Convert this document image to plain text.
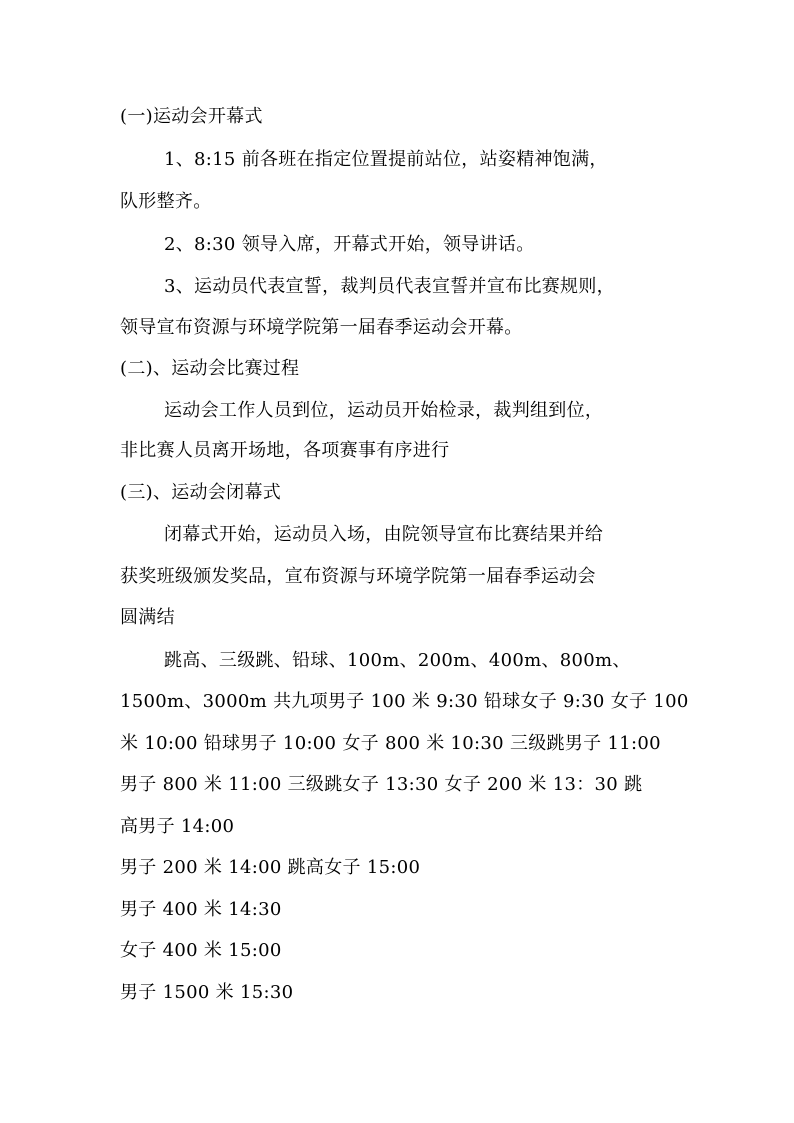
(一)运动会开幕式
1、8:15 前各班在指定位置提前站位，站姿精神饱满，
队形整齐。
2、8:30 领导入席，开幕式开始，领导讲话。
3、运动员代表宣誓，裁判员代表宣誓并宣布比赛规则，
领导宣布资源与环境学院第一届春季运动会开幕。
(二)、运动会比赛过程
运动会工作人员到位，运动员开始检录，裁判组到位，
非比赛人员离开场地，各项赛事有序进行
(三)、运动会闭幕式
闭幕式开始，运动员入场，由院领导宣布比赛结果并给
获奖班级颁发奖品，宣布资源与环境学院第一届春季运动会
圆满结
跳高、三级跳、铅球、100m、200m、400m、800m、
1500m、3000m 共九项男子 100 米 9:30 铅球女子 9:30 女子 100
米 10:00 铅球男子 10:00 女子 800 米 10:30 三级跳男子 11:00
男子 800 米 11:00 三级跳女子 13:30 女子 200 米 13：30 跳
高男子 14:00
男子 200 米 14:00 跳高女子 15:00
男子 400 米 14:30
女子 400 米 15:00
男子 1500 米 15:30
